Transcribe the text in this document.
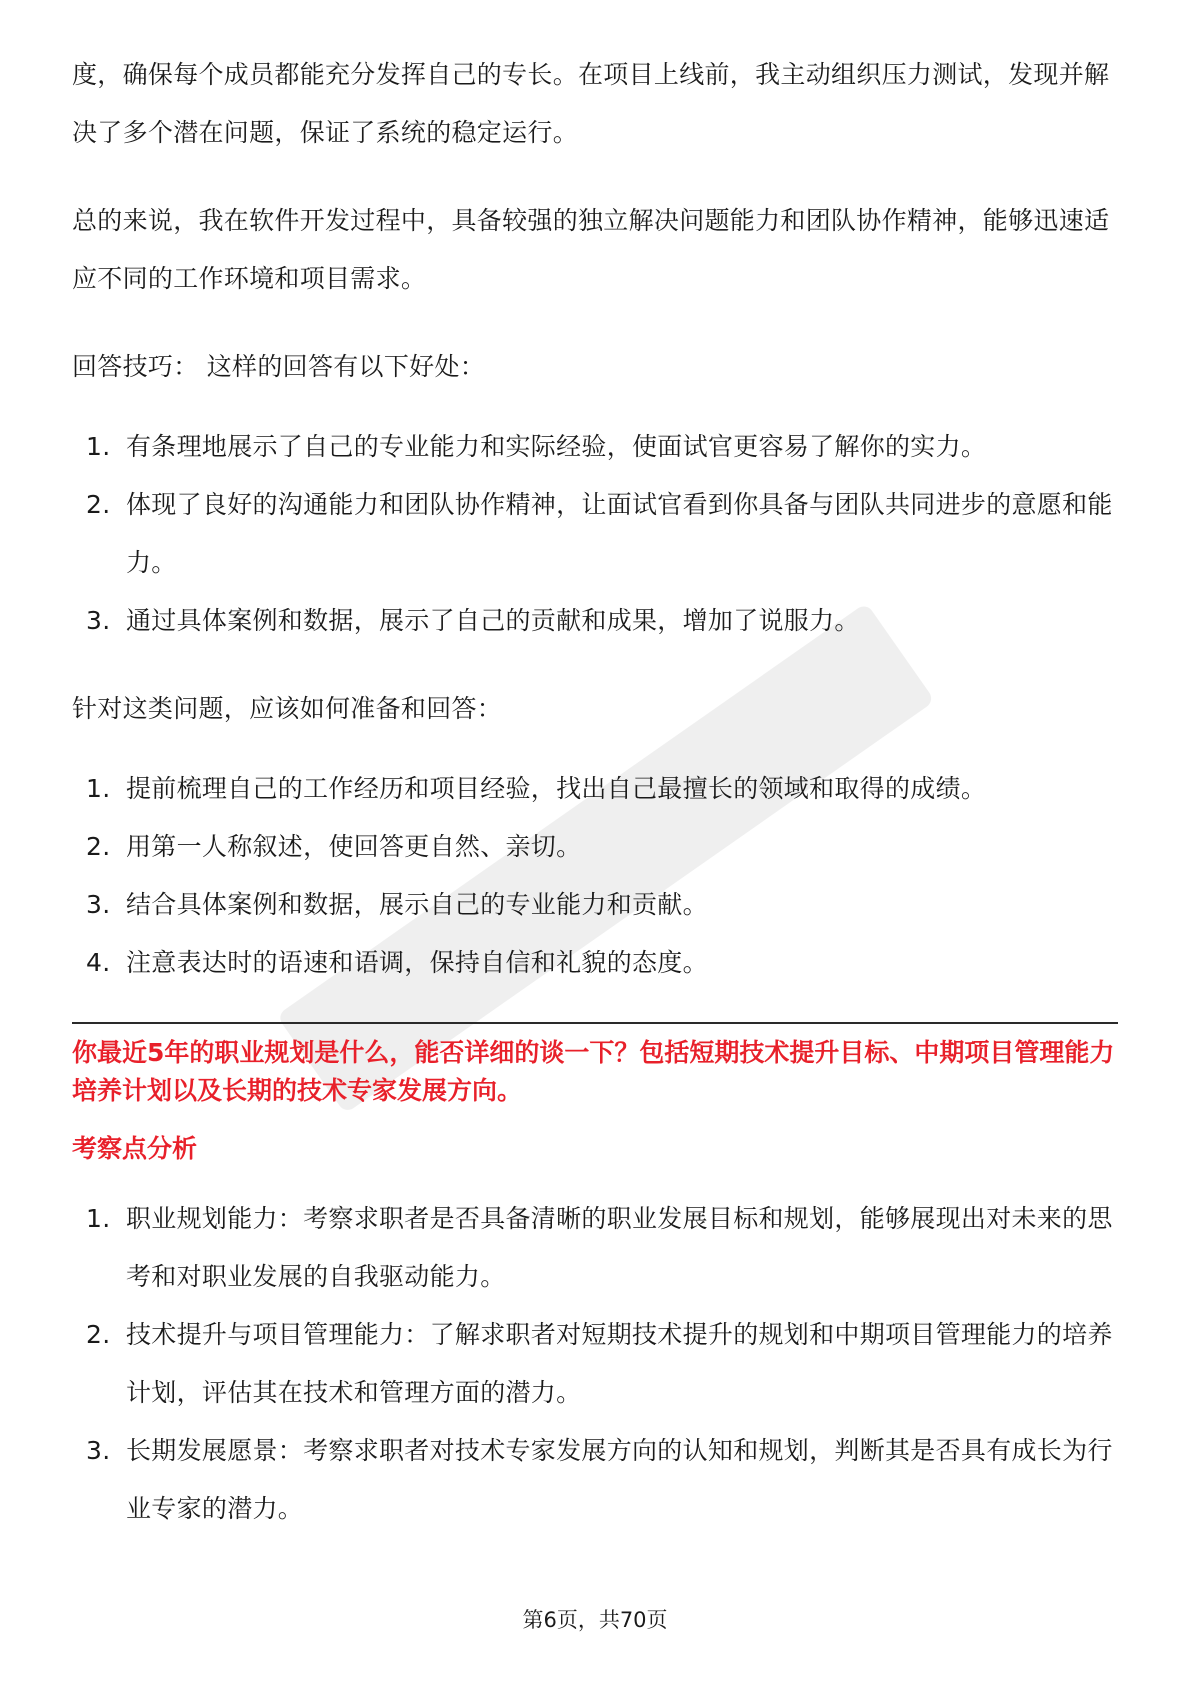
度，确保每个成员都能充分发挥自己的专长。在项目上线前，我主动组织压力测试，发现并解决了多个潜在问题，保证了系统的稳定运行。

总的来说，我在软件开发过程中，具备较强的独立解决问题能力和团队协作精神，能够迅速适应不同的工作环境和项目需求。

回答技巧： 这样的回答有以下好处：

1. 有条理地展示了自己的专业能力和实际经验，使面试官更容易了解你的实力。
2. 体现了良好的沟通能力和团队协作精神，让面试官看到你具备与团队共同进步的意愿和能力。
3. 通过具体案例和数据，展示了自己的贡献和成果，增加了说服力。

针对这类问题，应该如何准备和回答：

1. 提前梳理自己的工作经历和项目经验，找出自己最擅长的领域和取得的成绩。
2. 用第一人称叙述，使回答更自然、亲切。
3. 结合具体案例和数据，展示自己的专业能力和贡献。
4. 注意表达时的语速和语调，保持自信和礼貌的态度。

你最近5年的职业规划是什么，能否详细的谈一下？包括短期技术提升目标、中期项目管理能力培养计划以及长期的技术专家发展方向。

考察点分析

1. 职业规划能力：考察求职者是否具备清晰的职业发展目标和规划，能够展现出对未来的思考和对职业发展的自我驱动能力。
2. 技术提升与项目管理能力：了解求职者对短期技术提升的规划和中期项目管理能力的培养计划，评估其在技术和管理方面的潜力。
3. 长期发展愿景：考察求职者对技术专家发展方向的认知和规划，判断其是否具有成长为行业专家的潜力。
第6页，共70页
